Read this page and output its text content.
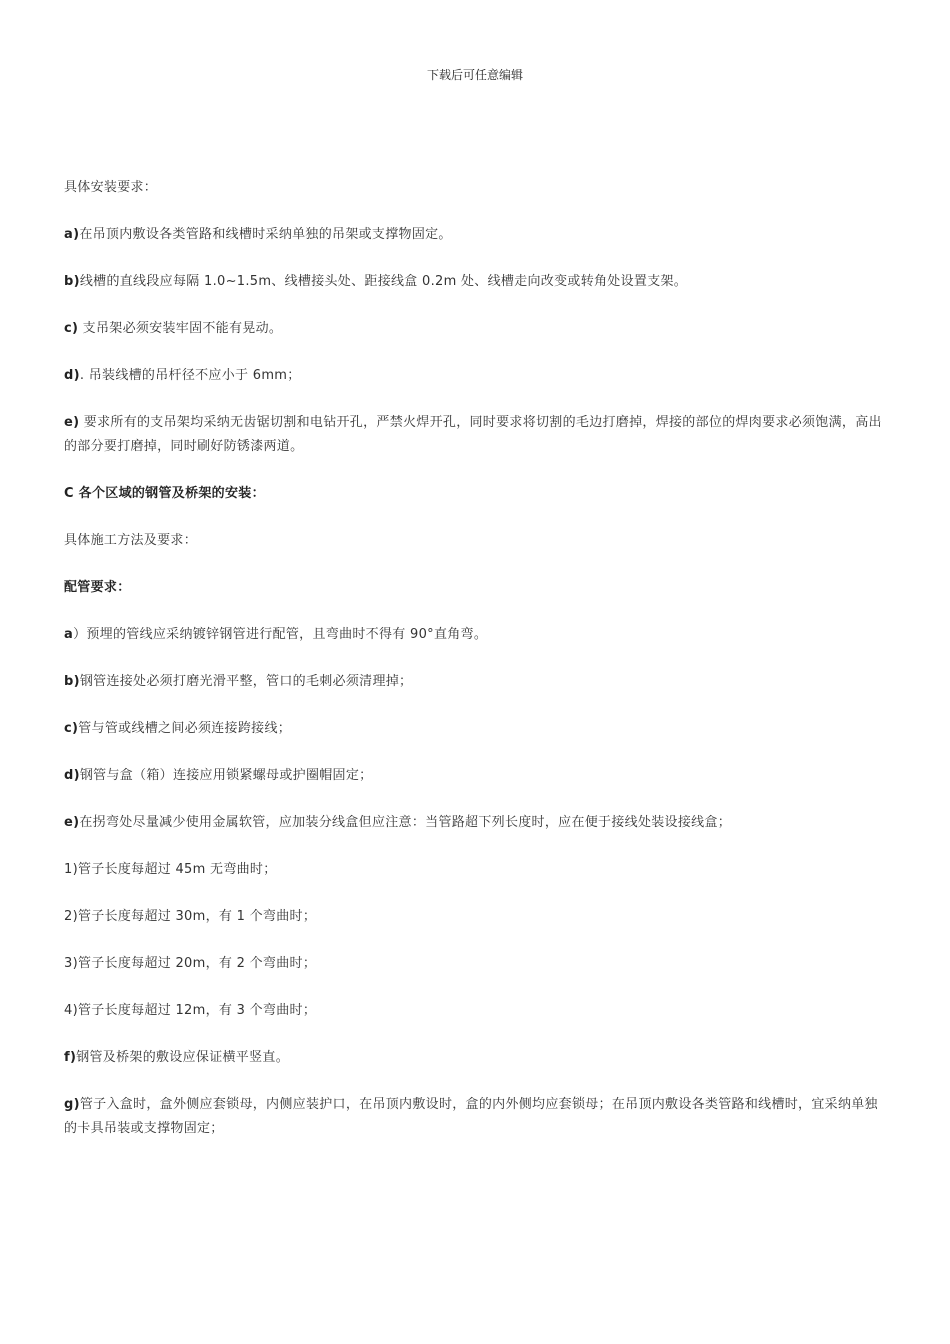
下载后可任意编辑

具体安装要求：

a)在吊顶内敷设各类管路和线槽时采纳单独的吊架或支撑物固定。

b)线槽的直线段应每隔 1.0~1.5m、线槽接头处、距接线盒 0.2m 处、线槽走向改变或转角处设置支架。

c) 支吊架必须安装牢固不能有晃动。

d). 吊装线槽的吊杆径不应小于 6mm；

e) 要求所有的支吊架均采纳无齿锯切割和电钻开孔，严禁火焊开孔，同时要求将切割的毛边打磨掉，焊接的部位的焊肉要求必须饱满，高出的部分要打磨掉，同时刷好防锈漆两道。

C 各个区域的钢管及桥架的安装：

具体施工方法及要求：

配管要求：

a）预埋的管线应采纳镀锌钢管进行配管，且弯曲时不得有 90°直角弯。

b)钢管连接处必须打磨光滑平整，管口的毛刺必须清理掉；

c)管与管或线槽之间必须连接跨接线；

d)钢管与盒（箱）连接应用锁紧螺母或护圈帽固定；

e)在拐弯处尽量减少使用金属软管，应加装分线盒但应注意：当管路超下列长度时，应在便于接线处装设接线盒；

1)管子长度每超过 45m 无弯曲时；

2)管子长度每超过 30m，有 1 个弯曲时；

3)管子长度每超过 20m，有 2 个弯曲时；

4)管子长度每超过 12m，有 3 个弯曲时；

f)钢管及桥架的敷设应保证横平竖直。

g)管子入盒时，盒外侧应套锁母，内侧应装护口，在吊顶内敷设时，盒的内外侧均应套锁母；在吊顶内敷设各类管路和线槽时，宜采纳单独的卡具吊装或支撑物固定；
